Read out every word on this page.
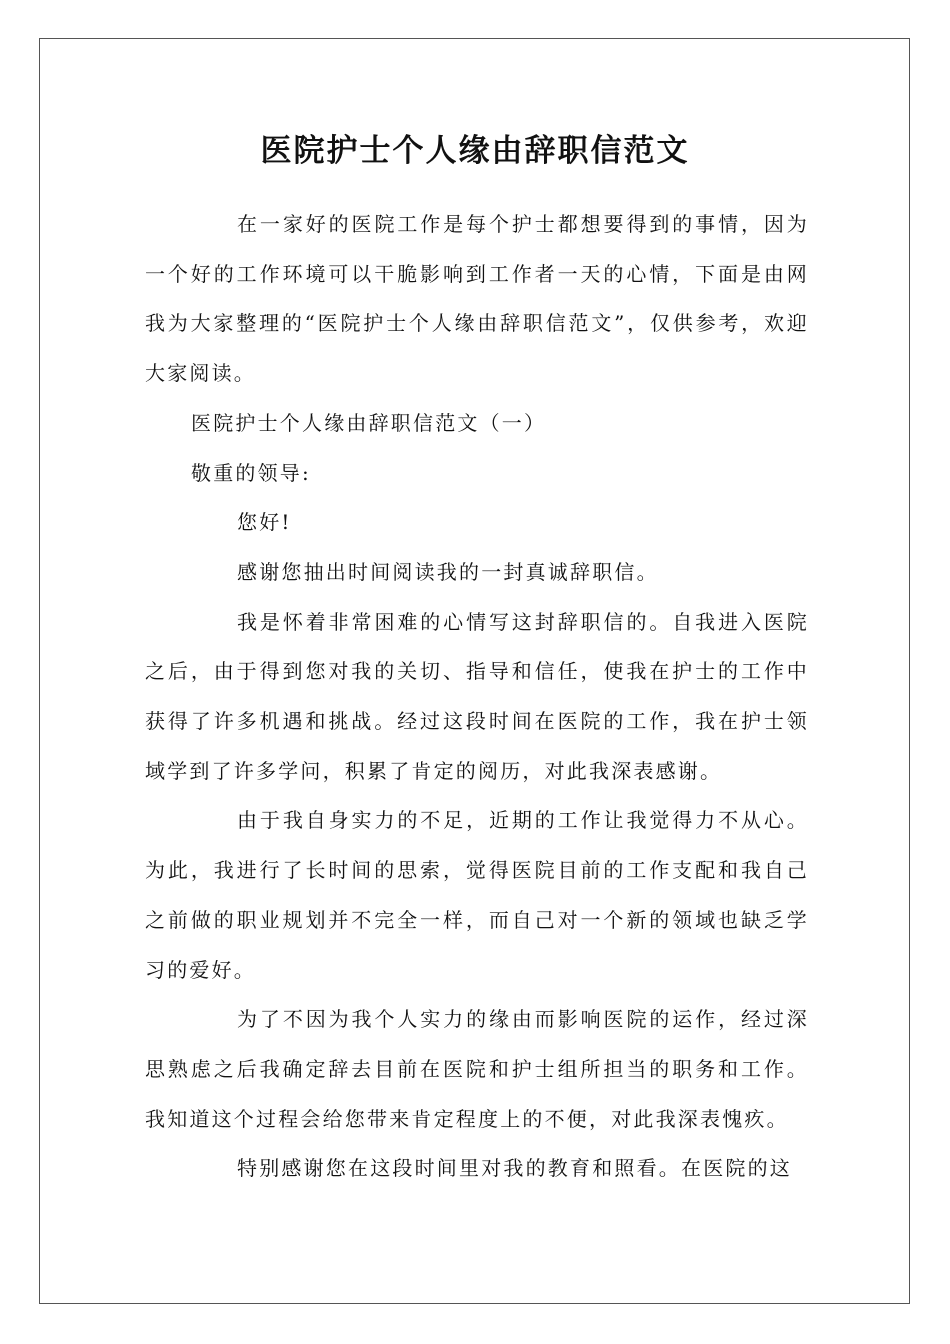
医院护士个人缘由辞职信范文

在一家好的医院工作是每个护士都想要得到的事情，因为一个好的工作环境可以干脆影响到工作者一天的心情，下面是由网我为大家整理的“医院护士个人缘由辞职信范文”，仅供参考，欢迎大家阅读。

医院护士个人缘由辞职信范文（一）

敬重的领导:

您好!

感谢您抽出时间阅读我的一封真诚辞职信。

我是怀着非常困难的心情写这封辞职信的。自我进入医院之后，由于得到您对我的关切、指导和信任，使我在护士的工作中获得了许多机遇和挑战。经过这段时间在医院的工作，我在护士领域学到了许多学问，积累了肯定的阅历，对此我深表感谢。

由于我自身实力的不足，近期的工作让我觉得力不从心。为此，我进行了长时间的思索，觉得医院目前的工作支配和我自己之前做的职业规划并不完全一样，而自己对一个新的领域也缺乏学习的爱好。

为了不因为我个人实力的缘由而影响医院的运作，经过深思熟虑之后我确定辞去目前在医院和护士组所担当的职务和工作。我知道这个过程会给您带来肯定程度上的不便，对此我深表愧疚。

特别感谢您在这段时间里对我的教育和照看。在医院的这
